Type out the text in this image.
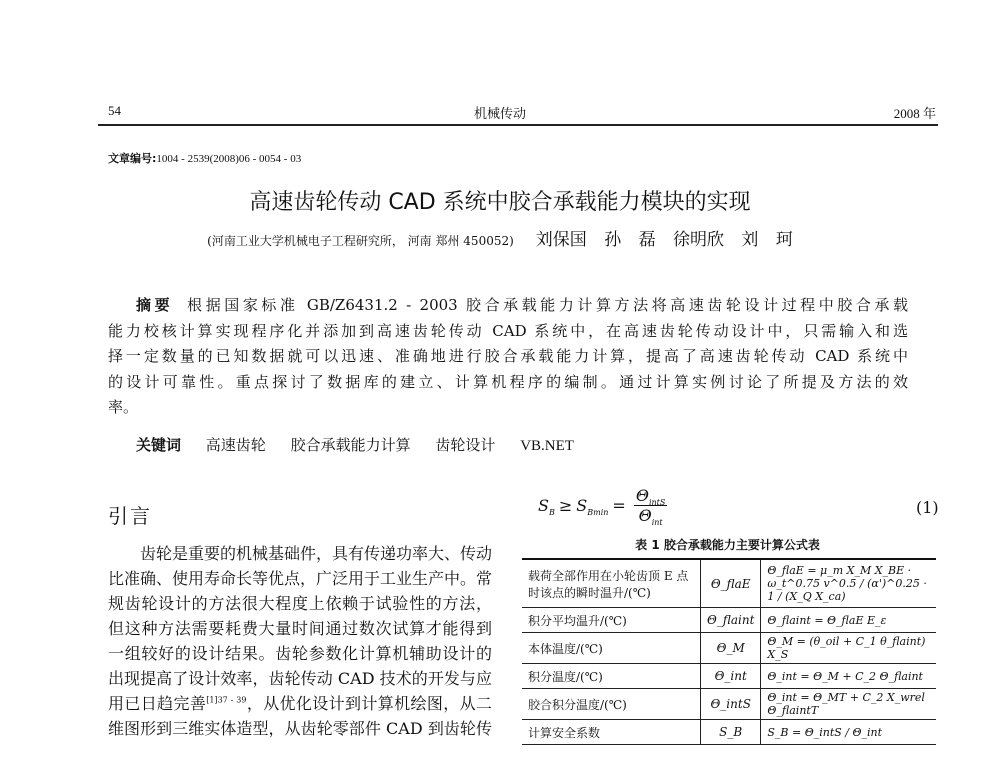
54	机械传动	2008 年
文章编号:1004 - 2539(2008)06 - 0054 - 03
高速齿轮传动 CAD 系统中胶合承载能力模块的实现
(河南工业大学机械电子工程研究所， 河南 郑州 450052) 刘保国 孙 磊 徐明欣 刘 珂
摘要 根据国家标准 GB/Z6431.2 - 2003 胶合承载能力计算方法将高速齿轮设计过程中胶合承载
能力校核计算实现程序化并添加到高速齿轮传动 CAD 系统中，在高速齿轮传动设计中，只需输入和选
择一定数量的已知数据就可以迅速、准确地进行胶合承载能力计算，提高了高速齿轮传动 CAD 系统中
的设计可靠性。重点探讨了数据库的建立、计算机程序的编制。通过计算实例讨论了所提及方法的效
率。
关键词 高速齿轮 胶合承载能力计算 齿轮设计 VB.NET
引言
齿轮是重要的机械基础件，具有传递功率大、传动
比准确、使用寿命长等优点，广泛用于工业生产中。常
规齿轮设计的方法很大程度上依赖于试验性的方法，
但这种方法需要耗费大量时间通过数次试算才能得到
一组较好的设计结果。齿轮参数化计算机辅助设计的
出现提高了设计效率，齿轮传动 CAD 技术的开发与应
用已日趋完善$^{[1]37 - 39}$，从优化设计到计算机绘图，从二
维图形到三维实体造型，从齿轮零部件 CAD 到齿轮传
$S_B \ge S_{Bmin} = \frac{\Theta_{intS}}{\Theta_{int}}$	(1)
表 1 胶合承载能力主要计算公式表
载荷全部作用在小轮齿顶 E 点时该点的瞬时温升/(℃)	Θ_flaE	Θ_flaE = μ_m X_M X_BE · ω_t^0.75 v^0.5 / (α')^0.25 · 1 / (X_Q X_ca)
积分平均温升/(℃)	Θ_flaint	Θ_flaint = Θ_flaE E_ε
本体温度/(℃)	Θ_M	Θ_M = (θ_oil + C_1 θ_flaint) X_S
积分温度/(℃)	Θ_int	Θ_int = Θ_M + C_2 Θ_flaint
胶合积分温度/(℃)	Θ_intS	Θ_int = Θ_MT + C_2 X_wrel Θ_flaintT
计算安全系数	S_B	S_B = Θ_intS / Θ_int
